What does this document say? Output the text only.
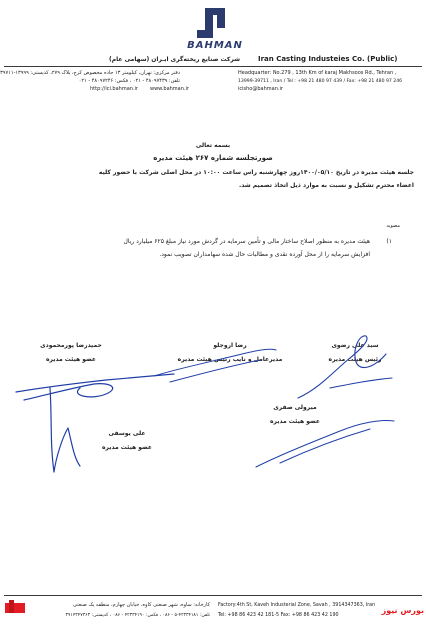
BAHMAN
شرکت صنایع ریخته‌گری ایـران (سهامی عام)	Iran Casting Industeies Co. (Public)
دفتر مرکزی: تهران، کیلومتر ۱۳ جاده مخصوص کرج، پلاک ۲۷۹، کدپستی: ۱۳۹۹۹-۳۹۷۱۱
تلفن: ۴۸۰۹۷۴۳۹ - ۰۲۱ ، فکس: ۴۸۰۹۷۲۴۶ - ۰۲۱
http://ici.bahman.ir	www.bahman.ir
Headquarter: No.279 , 13th Km of karaj Makhsoos Rd., Tehran ,
13999-39711 , Iran / Tel : +98 21 480 97 439 / Fax: +98 21 480 97 246
icisho@bahman.ir
بسمه تعالی
صورتجلسه شماره ۲۶۷ هیئت مدیره
جلسه هیئت مدیره در تاریخ ۱۴۰۰/۰۵/۱۰روز چهارشنبه راس ساعت ۱۰:۰۰ در محل اصلی شرکت با حضور کلیه
اعضاء محترم تشکیل و نسبت به موارد ذیل اتخاذ تصمیم شد.
مصوبه
۱)
هیئت مدیره به منظور اصلاح ساختار مالی و تأمین سرمایه در گردش مورد نیاز مبلغ ۶۲۵ میلیارد ریال
افزایش سرمایه را از محل آورده نقدی و مطالبات حال شده سهامداران تصویب نمود.
سید علی رضوی
رئیس هیئت مدیره
رضا اروجلو
مدیرعامل و نایب رئیس هیئت مدیره
حمیدرضا پورمحمودی
عضو هیئت مدیره
میرولی صفری
عضو هیئت مدیره
علی یوسفی
عضو هیئت مدیره
کارخانه: ساوه، شهر صنعتی کاوه، خیابان چهارم، منطقه یک صنعتی
تلفن: ۴۲۳۳۴۱۸۱-۵ - ۰۸۶ ، فکس: ۴۲۳۳۴۱۹۰ - ۰۸۶ ، کدپستی: ۳۹۱۴۳۴۷۳۶۳
Factory:4th St, Kaveh Industerial Zone, Savah , 3914347363, Iran
Tel: +98 86 423 42 181-5 Fax: +98 86 423 42 190
بورس نیوز
